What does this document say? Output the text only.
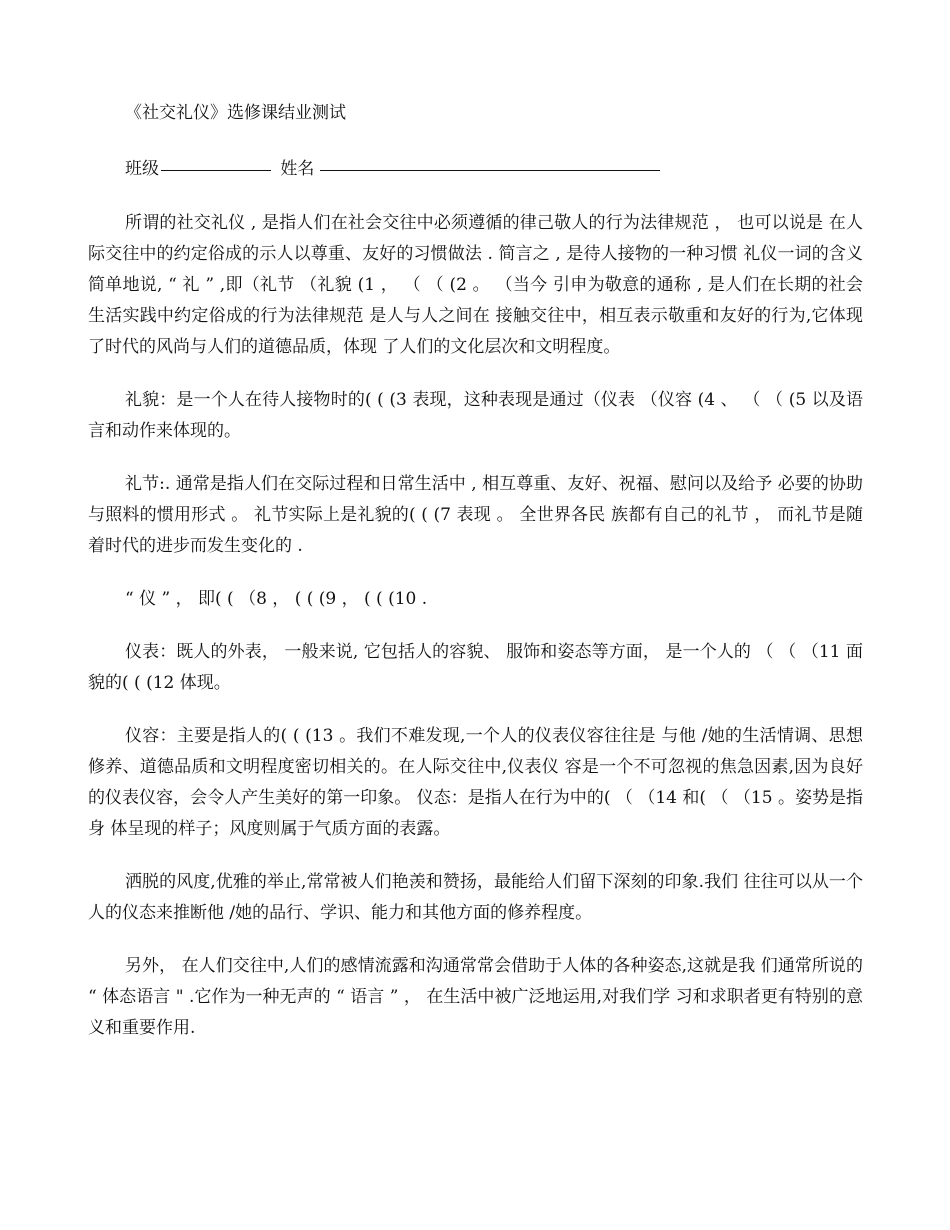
《社交礼仪》选修课结业测试
班级	姓名

所谓的社交礼仪 , 是指人们在社会交往中必须遵循的律己敬人的行为法律规范 ， 也可以说是 在人际交往中的约定俗成的示人以尊重、友好的习惯做法 . 简言之 , 是待人接物的一种习惯 礼仪一词的含义简单地说, “ 礼 ” ,即（礼节 （礼貌 (1 ， （ （ (2 。 （当今 引申为敬意的通称 , 是人们在长期的社会生活实践中约定俗成的行为法律规范 是人与人之间在 接触交往中，相互表示敬重和友好的行为,它体现了时代的风尚与人们的道德品质，体现 了人们的文化层次和文明程度。

礼貌：是一个人在待人接物时的( ( (3 表现，这种表现是通过（仪表 （仪容 (4 、 （ （ (5 以及语言和动作来体现的。

礼节:. 通常是指人们在交际过程和日常生活中 , 相互尊重、友好、祝福、慰问以及给予 必要的协助与照料的惯用形式 。 礼节实际上是礼貌的( ( (7 表现 。 全世界各民 族都有自己的礼节 ， 而礼节是随着时代的进步而发生变化的 .

“ 仪 ” ， 即( ( （8 ， ( ( (9 ， ( ( (10 .

仪表：既人的外表， 一般来说, 它包括人的容貌、 服饰和姿态等方面， 是一个人的 （ （ （11 面貌的( ( (12 体现。

仪容：主要是指人的( ( (13 。我们不难发现,一个人的仪表仪容往往是 与他 /她的生活情调、思想修养、道德品质和文明程度密切相关的。在人际交往中,仪表仪 容是一个不可忽视的焦急因素,因为良好的仪表仪容，会令人产生美好的第一印象。 仪态：是指人在行为中的( （ （14 和( （ （15 。姿势是指身 体呈现的样子；风度则属于气质方面的表露。

洒脱的风度,优雅的举止,常常被人们艳羡和赞扬，最能给人们留下深刻的印象.我们 往往可以从一个人的仪态来推断他 /她的品行、学识、能力和其他方面的修养程度。

另外， 在人们交往中,人们的感情流露和沟通常常会借助于人体的各种姿态,这就是我 们通常所说的 “ 体态语言 " .它作为一种无声的 “ 语言 ” ， 在生活中被广泛地运用,对我们学 习和求职者更有特别的意义和重要作用.
